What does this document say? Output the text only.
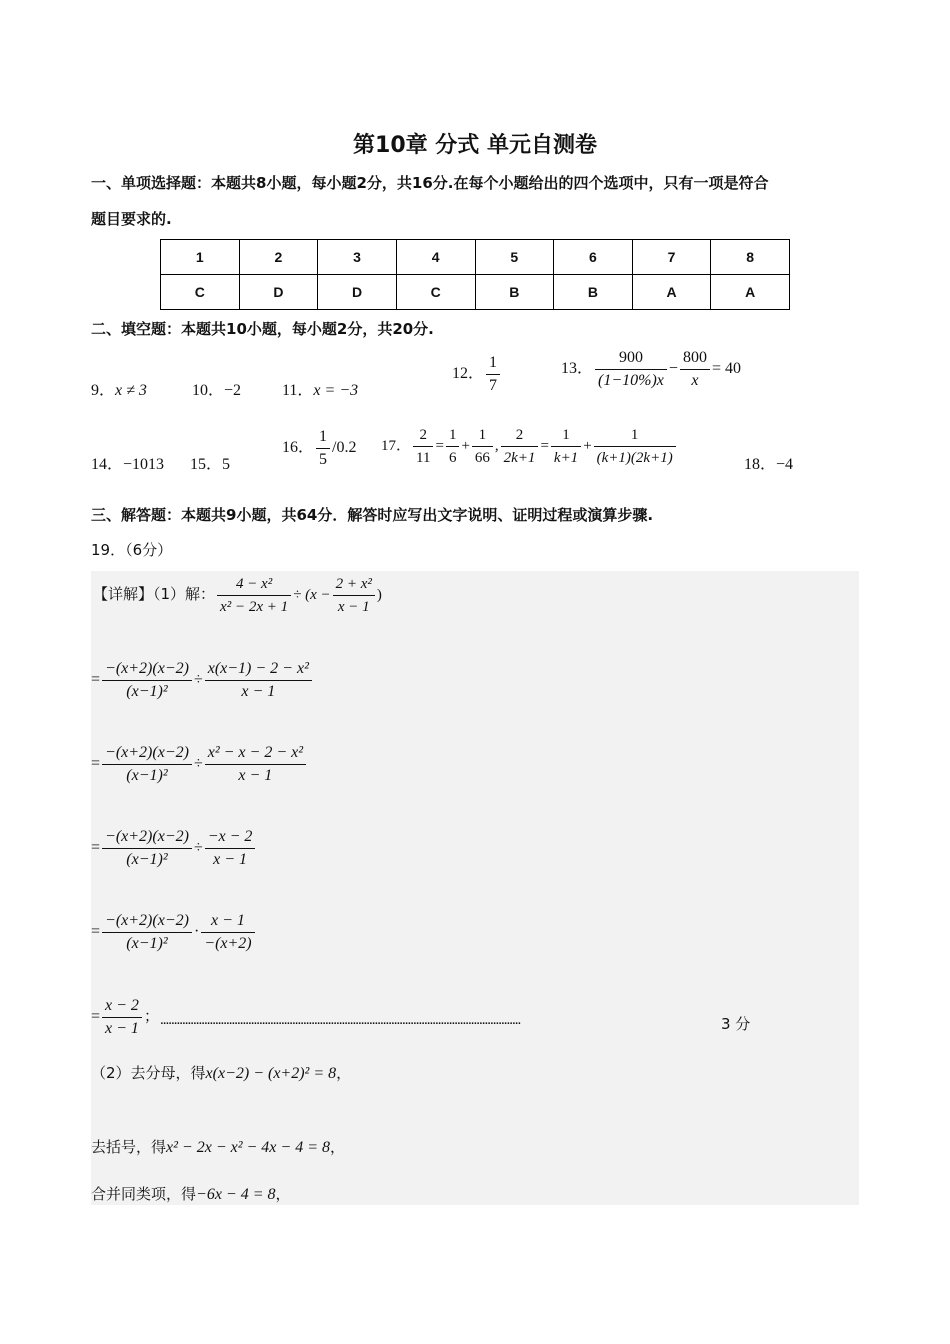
第10章 分式 单元自测卷
一、单项选择题：本题共8小题，每小题2分，共16分.在每个小题给出的四个选项中，只有一项是符合
题目要求的.
1	2	3	4	5	6	7	8
C	D	D	C	B	B	A	A
二、填空题：本题共10小题，每小题2分，共20分.
9．x ≠ 3	10．−2	11．x = −3
12． $\frac{1}{7}$	13． $\frac{900}{(1-10\%)x} - \frac{800}{x} = 40$
14．−1013 15．5
16． $\frac{1}{5} /0.2$ 17． $\frac{2}{11} = \frac{1}{6} + \frac{1}{66}$ , $\frac{2}{2k+1} = \frac{1}{k+1} + \frac{1}{(k+1)(2k+1)}$	18．−4
三、解答题：本题共9小题，共64分．解答时应写出文字说明、证明过程或演算步骤.
19．（6分）
【详解】（1）解： $\frac{\text{4 − x²}}{\text{x² − 2x + 1}} \div (x - \frac{\text{2 + x²}}{x - 1}$ )
= $\frac{-(x+2)(x-2)}{\text{(x−1)²}} \div \frac{\text{x(x−1) − 2 − x²}}{x - 1}$
= $\frac{-(x+2)(x-2)}{\text{(x−1)²}} \div \frac{\text{x² − x − 2 − x²}}{x - 1}$
= $\frac{-(x+2)(x-2)}{\text{(x−1)²}} \div \frac{-x - 2}{x - 1}$
= $\frac{-(x+2)(x-2)}{\text{(x−1)²}} \cdot \frac{x - 1}{-(x+2)}$
= $\frac{x - 2}{x - 1}$ ； ...................................................................................................................................	3 分
（2）去分母，得x(x−2) − (x+2)² = 8，
去括号，得x² − 2x − x² − 4x − 4 = 8，
合并同类项，得−6x − 4 = 8，
